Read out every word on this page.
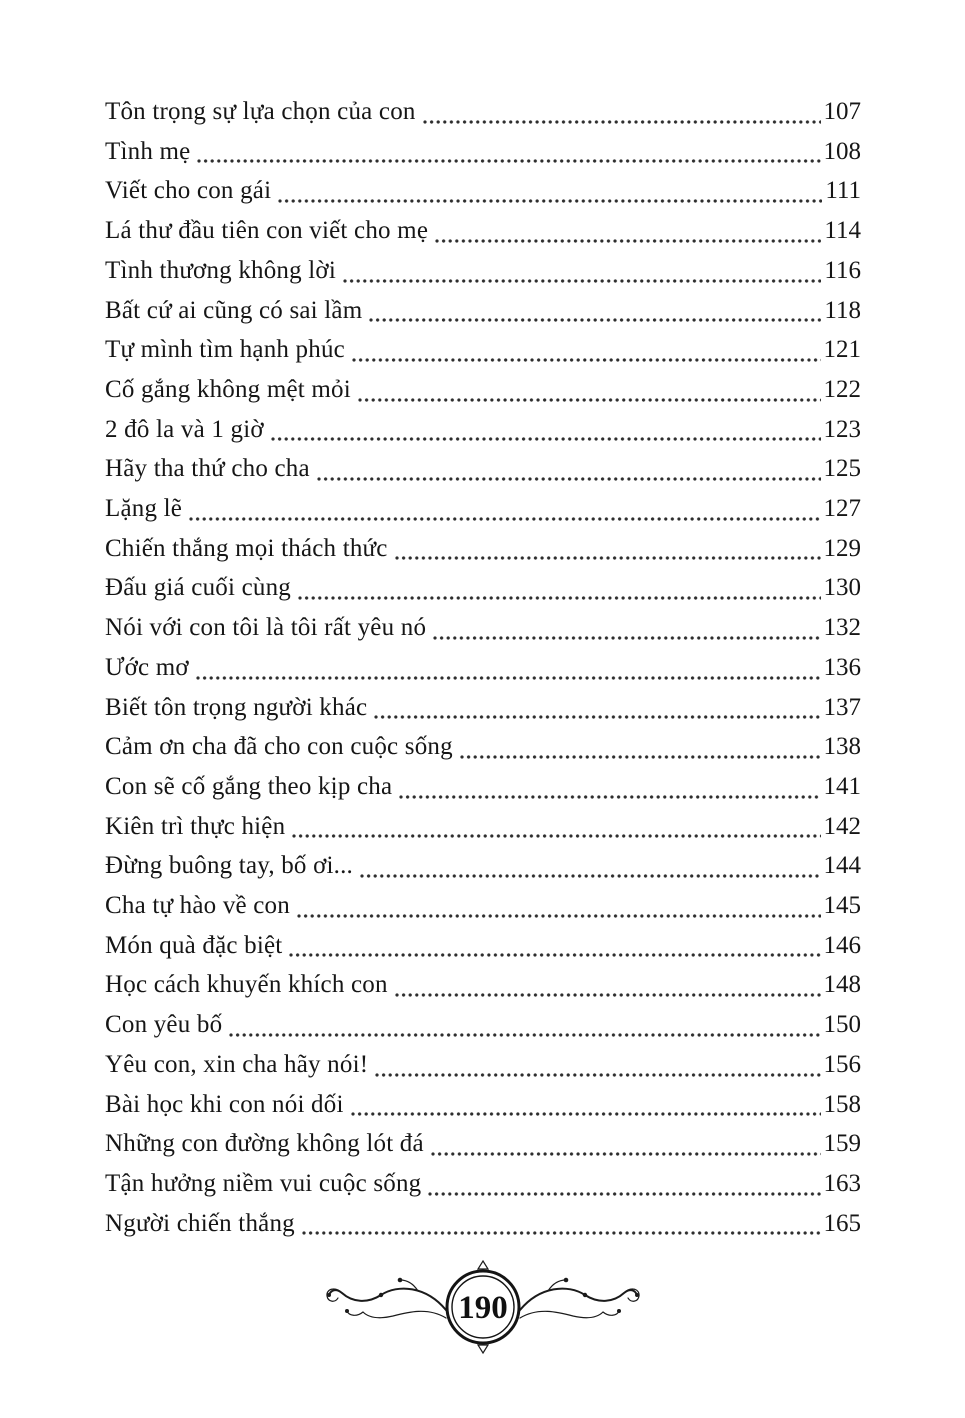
Tôn trọng sự lựa chọn của con	107
Tình mẹ	108
Viết cho con gái	111
Lá thư đầu tiên con viết cho mẹ	114
Tình thương không lời	116
Bất cứ ai cũng có sai lầm	118
Tự mình tìm hạnh phúc	121
Cố gắng không mệt mỏi	122
2 đô la và 1 giờ	123
Hãy tha thứ cho cha	125
Lặng lẽ	127
Chiến thắng mọi thách thức	129
Đấu giá cuối cùng	130
Nói với con tôi là tôi rất yêu nó	132
Ước mơ	136
Biết tôn trọng người khác	137
Cảm ơn cha đã cho con cuộc sống	138
Con sẽ cố gắng theo kịp cha	141
Kiên trì thực hiện	142
Đừng buông tay, bố ơi...	144
Cha tự hào về con	145
Món quà đặc biệt	146
Học cách khuyến khích con	148
Con yêu bố	150
Yêu con, xin cha hãy nói!	156
Bài học khi con nói dối	158
Những con đường không lót đá	159
Tận hưởng niềm vui cuộc sống	163
Người chiến thắng	165
190
